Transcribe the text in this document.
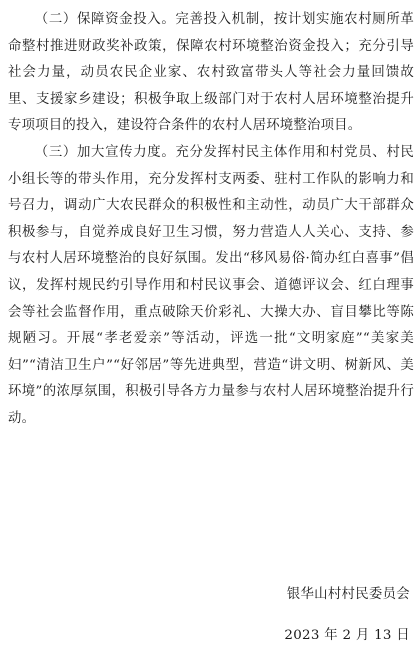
（二）保障资金投入。完善投入机制，按计划实施农村厕所革命整村推进财政奖补政策，保障农村环境整治资金投入；充分引导社会力量，动员农民企业家、农村致富带头人等社会力量回馈故里、支援家乡建设；积极争取上级部门对于农村人居环境整治提升专项项目的投入，建设符合条件的农村人居环境整治项目。

（三）加大宣传力度。充分发挥村民主体作用和村党员、村民小组长等的带头作用，充分发挥村支两委、驻村工作队的影响力和号召力，调动广大农民群众的积极性和主动性，动员广大干部群众积极参与，自觉养成良好卫生习惯，努力营造人人关心、支持、参与农村人居环境整治的良好氛围。发出“移风易俗·简办红白喜事”倡议，发挥村规民约引导作用和村民议事会、道德评议会、红白理事会等社会监督作用，重点破除天价彩礼、大操大办、盲目攀比等陈规陋习。开展“孝老爱亲”等活动，评选一批“文明家庭”“美家美妇”“清洁卫生户”“好邻居”等先进典型，营造“讲文明、树新风、美环境”的浓厚氛围，积极引导各方力量参与农村人居环境整治提升行动。

银华山村村民委员会
2023 年 2 月 13 日
